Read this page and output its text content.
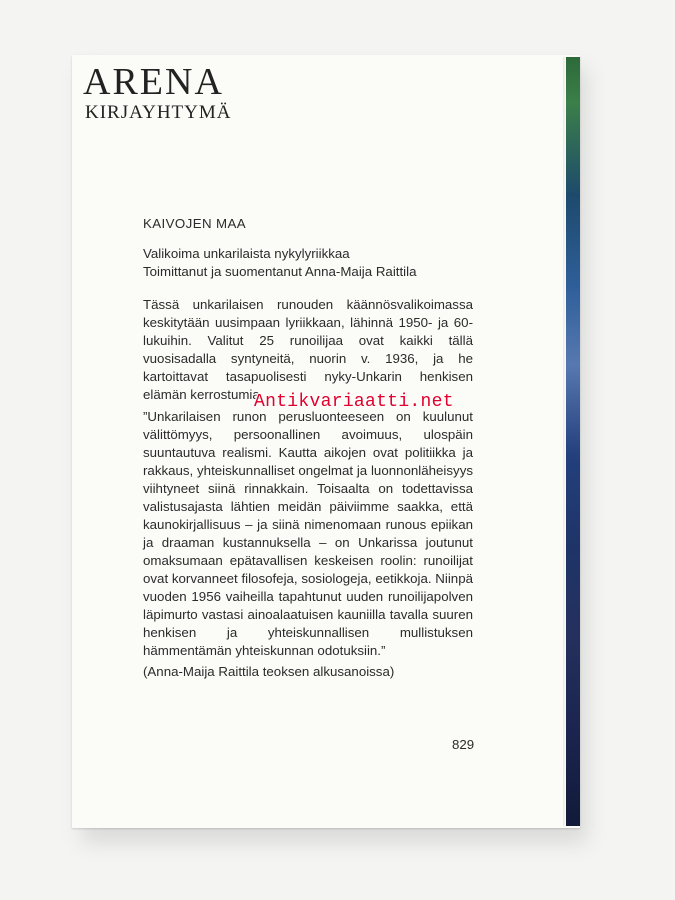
ARENA
KIRJAYHTYMÄ

KAIVOJEN MAA

Valikoima unkarilaista nykylyriikkaa

Toimittanut ja suomentanut Anna-Maija Raittila

Tässä unkarilaisen runouden käännösvalikoimassa keskitytään uusimpaan lyriikkaan, lähinnä 1950- ja 60-lukuihin. Valitut 25 runoilijaa ovat kaikki tällä vuosisadalla syntyneitä, nuorin v. 1936, ja he kartoittavat tasapuolisesti nyky-Unkarin henkisen elämän kerrostumia.

”Unkarilaisen runon perusluonteeseen on kuulunut välittömyys, persoonallinen avoimuus, ulospäin suuntautuva realismi. Kautta aikojen ovat politiikka ja rakkaus, yhteiskunnalliset ongelmat ja luonnonläheisyys viihtyneet siinä rinnakkain. Toisaalta on todettavissa valistusajasta lähtien meidän päiviimme saakka, että kaunokirjallisuus – ja siinä nimenomaan runous epiikan ja draaman kustannuksella – on Unkarissa joutunut omaksumaan epätavallisen keskeisen roolin: runoilijat ovat korvanneet filosofeja, sosiologeja, eetikkoja. Niinpä vuoden 1956 vaiheilla tapahtunut uuden runoilijapolven läpimurto vastasi ainoalaatuisen kauniilla tavalla suuren henkisen ja yhteiskunnallisen mullistuksen hämmentämän yhteiskunnan odotuksiin.”

(Anna-Maija Raittila teoksen alkusanoissa)

829
Antikvariaatti.net
